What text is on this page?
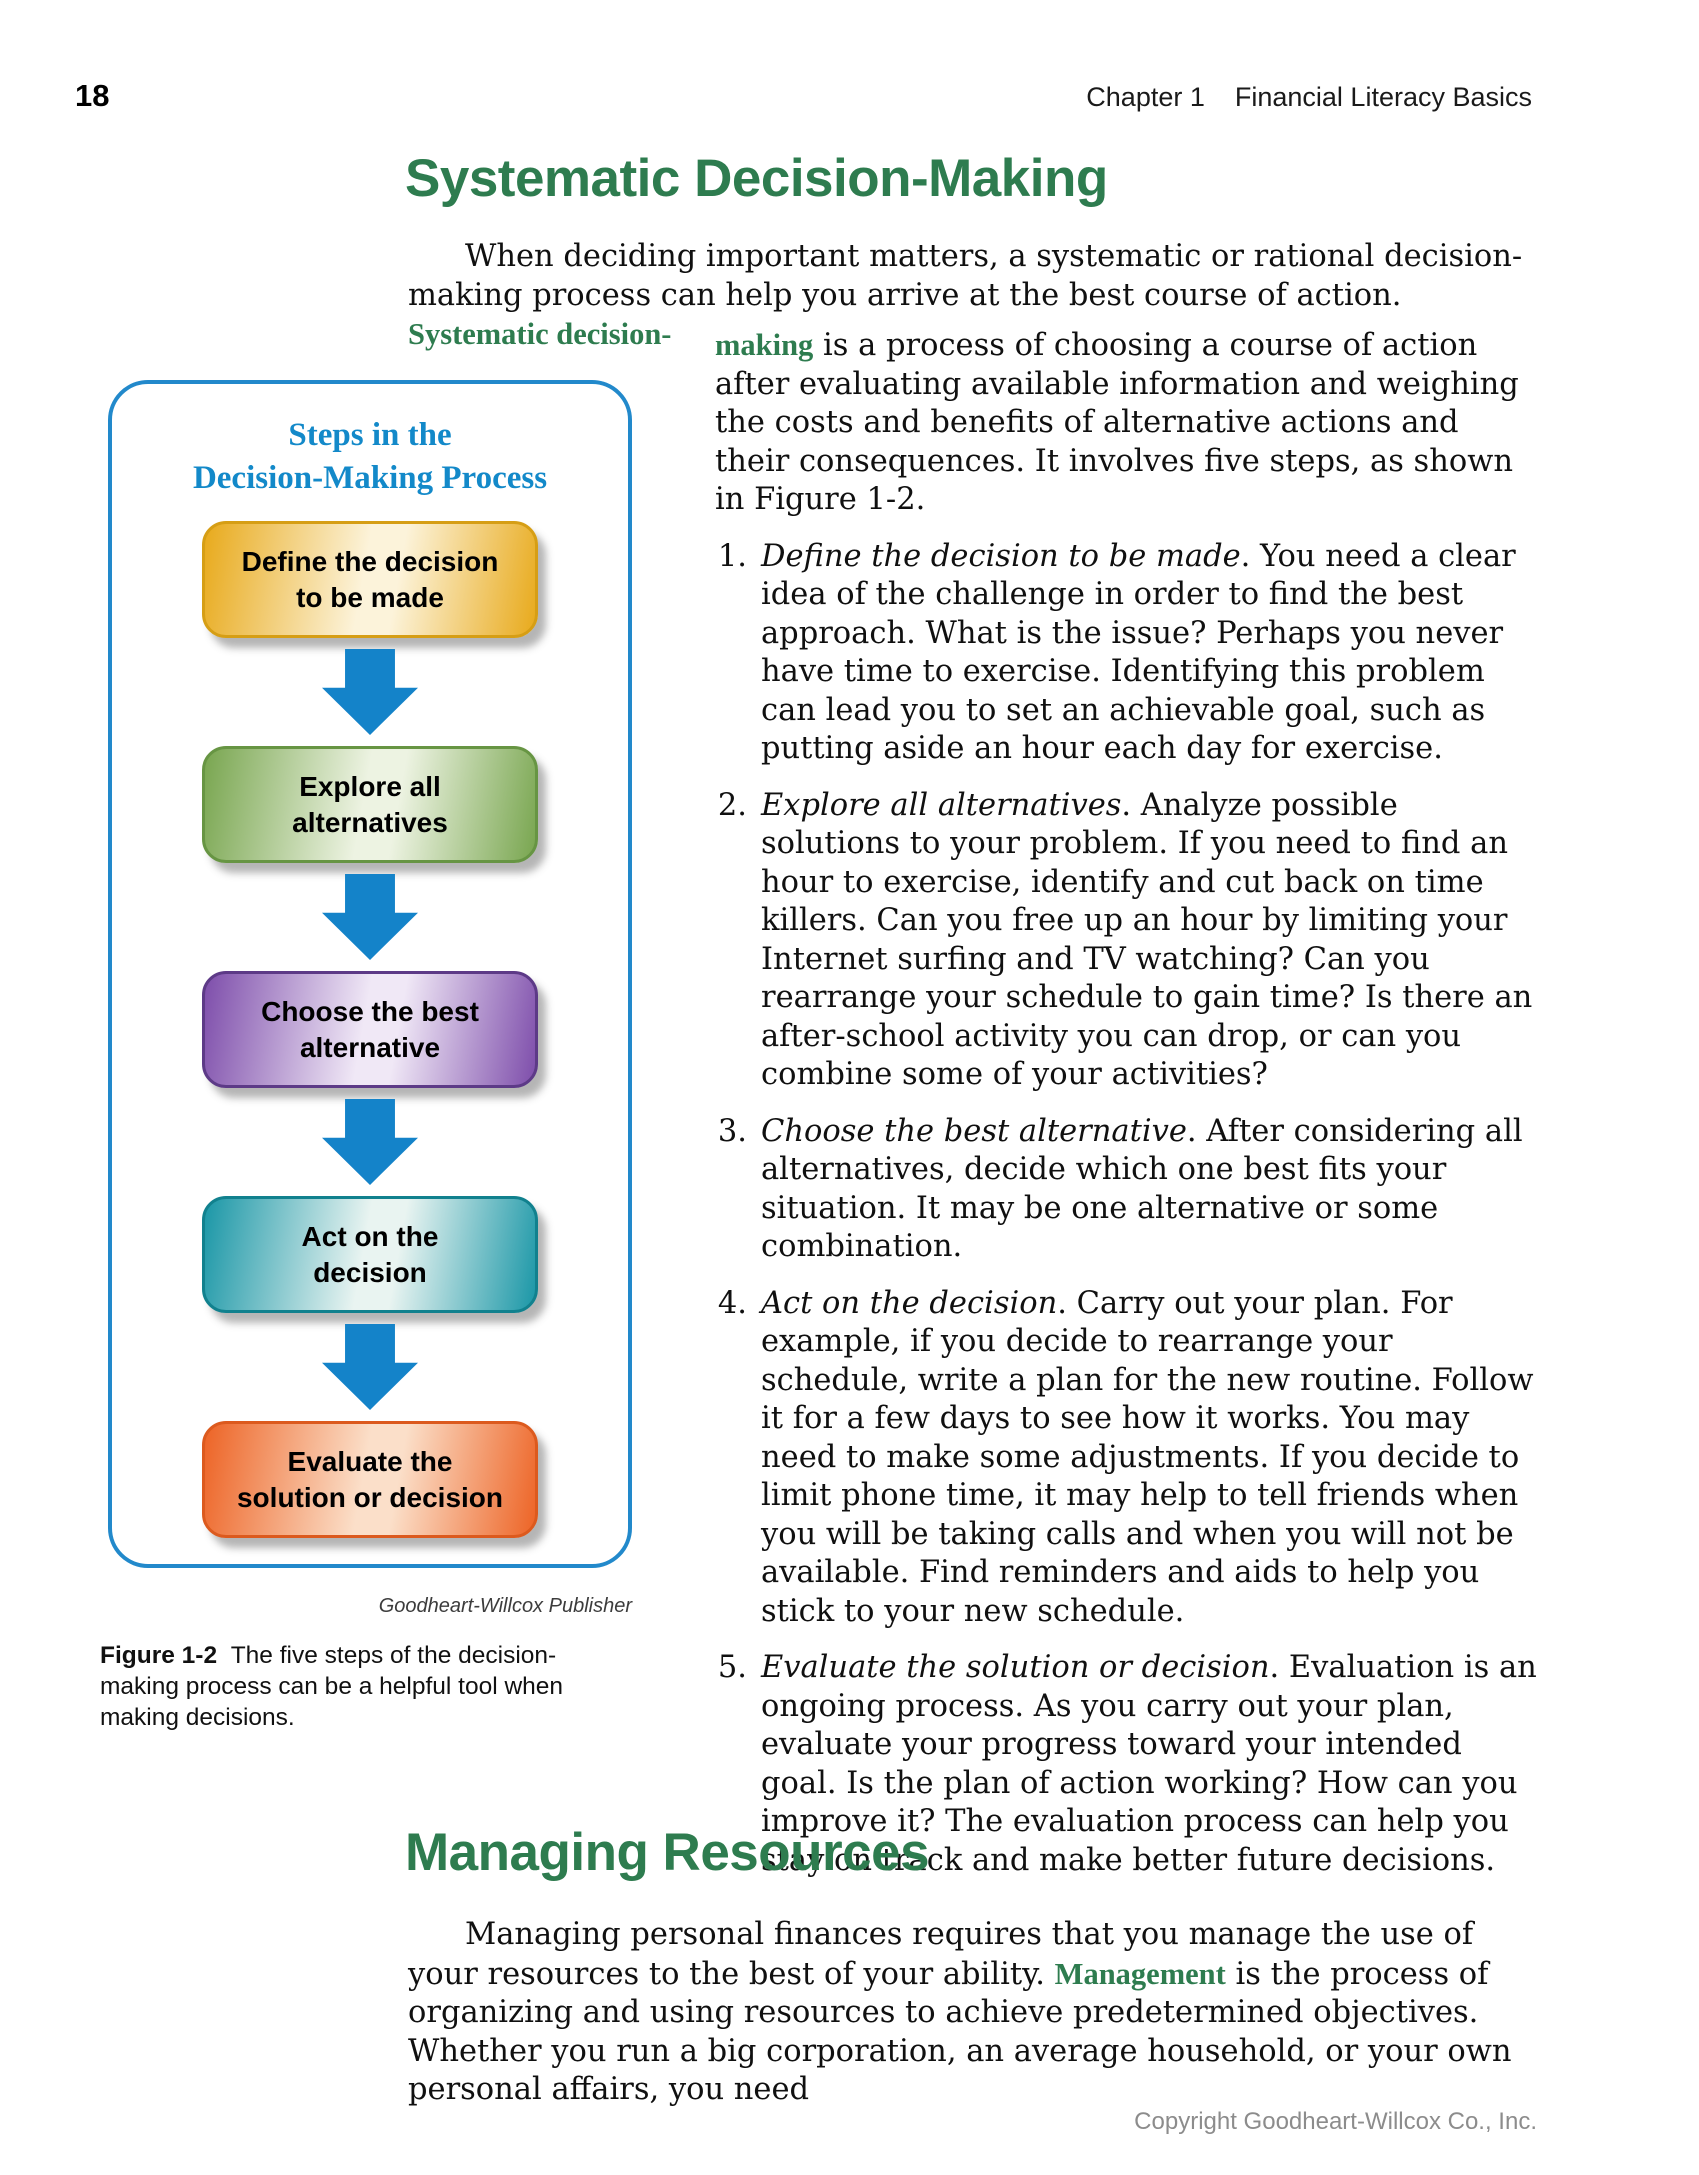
18	Chapter 1    Financial Literacy Basics
Systematic Decision-Making

When deciding important matters, a systematic or rational decision-making process can help you arrive at the best course of action. Systematic decision-

Steps in the
Decision-Making Process
Define the decision
to be made
Explore all
alternatives
Choose the best
alternative
Act on the
decision
Evaluate the
solution or decision
Goodheart-Willcox Publisher
Figure 1-2  The five steps of the decision-making process can be a helpful tool when making decisions.

making is a process of choosing a course of action after evaluating available information and weighing the costs and benefits of alternative actions and their consequences. It involves five steps, as shown in Figure 1-2.

1. Define the decision to be made. You need a clear idea of the challenge in order to find the best approach. What is the issue? Perhaps you never have time to exercise. Identifying this problem can lead you to set an achievable goal, such as putting aside an hour each day for exercise.
2. Explore all alternatives. Analyze possible solutions to your problem. If you need to find an hour to exercise, identify and cut back on time killers. Can you free up an hour by limiting your Internet surfing and TV watching? Can you rearrange your schedule to gain time? Is there an after-school activity you can drop, or can you combine some of your activities?
3. Choose the best alternative. After considering all alternatives, decide which one best fits your situation. It may be one alternative or some combination.
4. Act on the decision. Carry out your plan. For example, if you decide to rearrange your schedule, write a plan for the new routine. Follow it for a few days to see how it works. You may need to make some adjustments. If you decide to limit phone time, it may help to tell friends when you will be taking calls and when you will not be available. Find reminders and aids to help you stick to your new schedule.
5. Evaluate the solution or decision. Evaluation is an ongoing process. As you carry out your plan, evaluate your progress toward your intended goal. Is the plan of action working? How can you improve it? The evaluation process can help you stay on track and make better future decisions.
Managing Resources

Managing personal finances requires that you manage the use of your resources to the best of your ability. Management is the process of organizing and using resources to achieve predetermined objectives. Whether you run a big corporation, an average household, or your own personal affairs, you need

Copyright Goodheart-Willcox Co., Inc.
